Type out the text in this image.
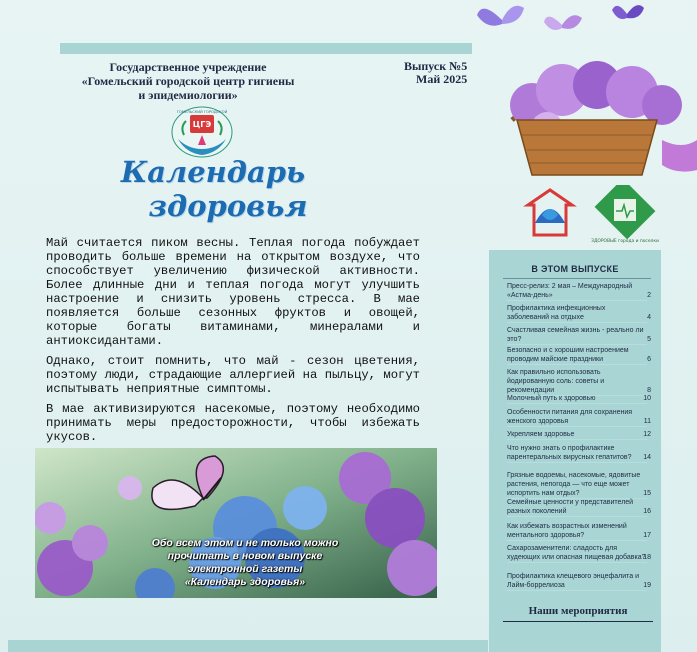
Государственное учреждение
«Гомельский городской центр гигиены
и эпидемиологии»
Выпуск №5
Май 2025
ЦГЭ
ГОМЕЛЬСКИЙ ГОРОДСКОЙ
Календарь
здоровья

Май считается пиком весны. Теплая погода побуждает проводить больше времени на открытом воздухе, что способствует увеличению физической активности. Более длинные дни и теплая погода могут улучшить настроение и снизить уровень стресса. В мае появляется больше сезонных фруктов и овощей, которые богаты витаминами, минералами и антиоксидантами.

Однако, стоит помнить, что май - сезон цветения, поэтому люди, страдающие аллергией на пыльцу, могут испытывать неприятные симптомы.

В мае активизируются насекомые, поэтому необходимо принимать меры предосторожности, чтобы избежать укусов.

Обо всем этом и не только можно
прочитать в новом выпуске
электронной газеты
«Календарь здоровья»
ЗДОРОВЫЕ города и поселки
В ЭТОМ ВЫПУСКЕ
Пресс-релиз: 2 мая – Международный «Астма-день»	2
Профилактика инфекционных заболеваний на отдыхе	4
Счастливая семейная жизнь - реально ли это?	5
Безопасно и с хорошим настроением проводим майские праздники	6
Как правильно использовать йодированную соль: советы и рекомендации	8
Молочный путь к здоровью	10
Особенности питания для сохранения женского здоровья	11
Укрепляем здоровье	12
Что нужно знать о профилактике парентеральных вирусных гепатитов? 14
Грязные водоемы, насекомые, ядовитые растения, непогода — что еще может испортить нам отдых?	15
Семейные ценности у представителей разных поколений	16
Как избежать возрастных изменений ментального здоровья?	17
Сахарозаменители: сладость для худеющих или опасная пищевая добавка?
18
Профилактика клещевого энцефалита и Лайм-боррелиоза	19
Наши мероприятия
